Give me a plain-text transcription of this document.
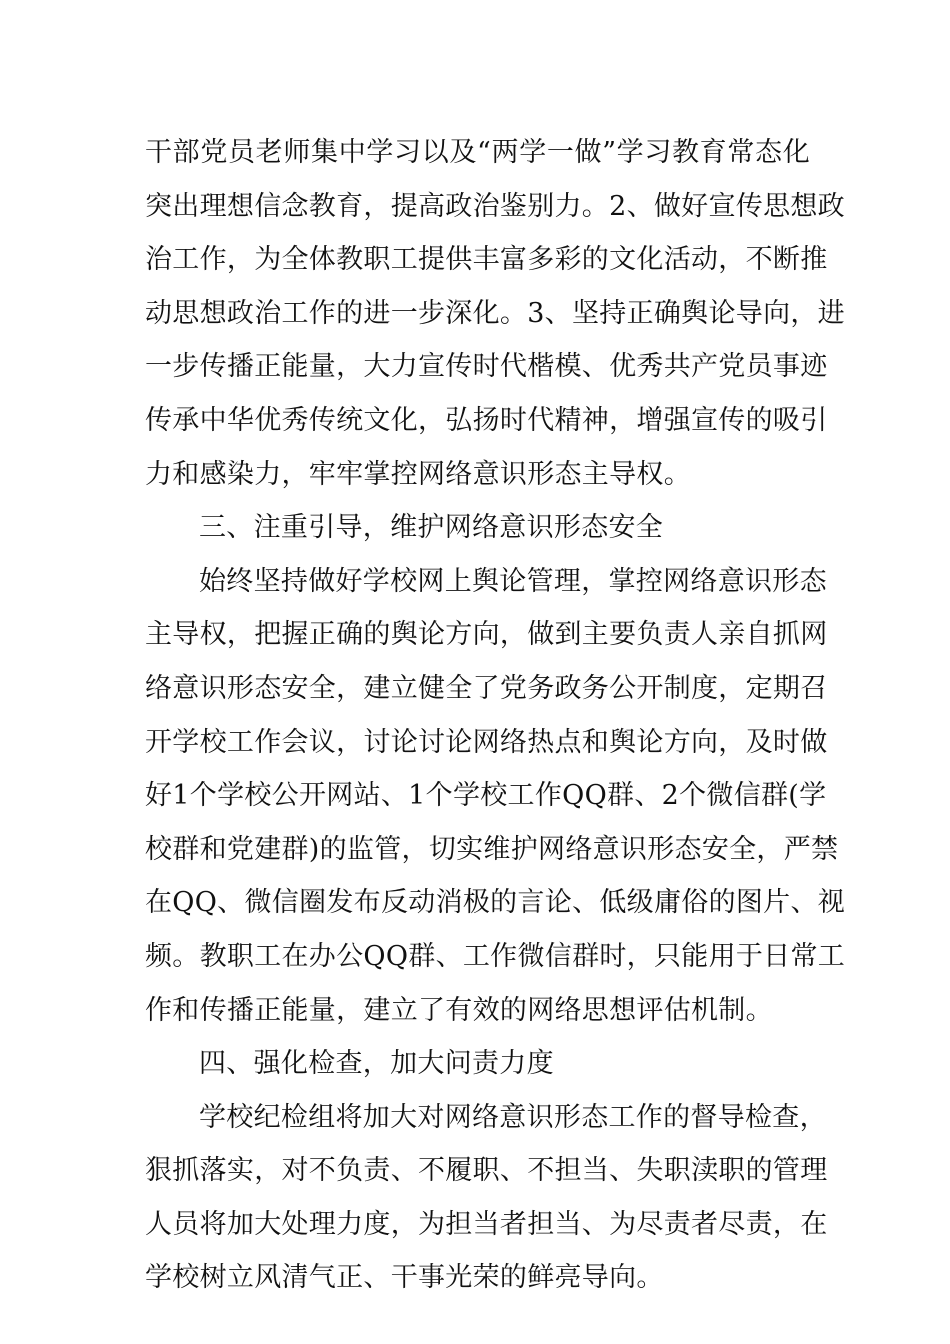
干部党员老师集中学习以及“两学一做”学习教育常态化
突出理想信念教育，提高政治鉴别力。2、做好宣传思想政
治工作，为全体教职工提供丰富多彩的文化活动，不断推
动思想政治工作的进一步深化。3、坚持正确舆论导向，进
一步传播正能量，大力宣传时代楷模、优秀共产党员事迹
传承中华优秀传统文化，弘扬时代精神，增强宣传的吸引
力和感染力，牢牢掌控网络意识形态主导权。
三、注重引导，维护网络意识形态安全
始终坚持做好学校网上舆论管理，掌控网络意识形态
主导权，把握正确的舆论方向，做到主要负责人亲自抓网
络意识形态安全，建立健全了党务政务公开制度，定期召
开学校工作会议，讨论讨论网络热点和舆论方向，及时做
好1个学校公开网站、1个学校工作QQ群、2个微信群(学
校群和党建群)的监管，切实维护网络意识形态安全，严禁
在QQ、微信圈发布反动消极的言论、低级庸俗的图片、视
频。教职工在办公QQ群、工作微信群时，只能用于日常工
作和传播正能量，建立了有效的网络思想评估机制。
四、强化检查，加大问责力度
学校纪检组将加大对网络意识形态工作的督导检查，
狠抓落实，对不负责、不履职、不担当、失职渎职的管理
人员将加大处理力度，为担当者担当、为尽责者尽责，在
学校树立风清气正、干事光荣的鲜亮导向。
